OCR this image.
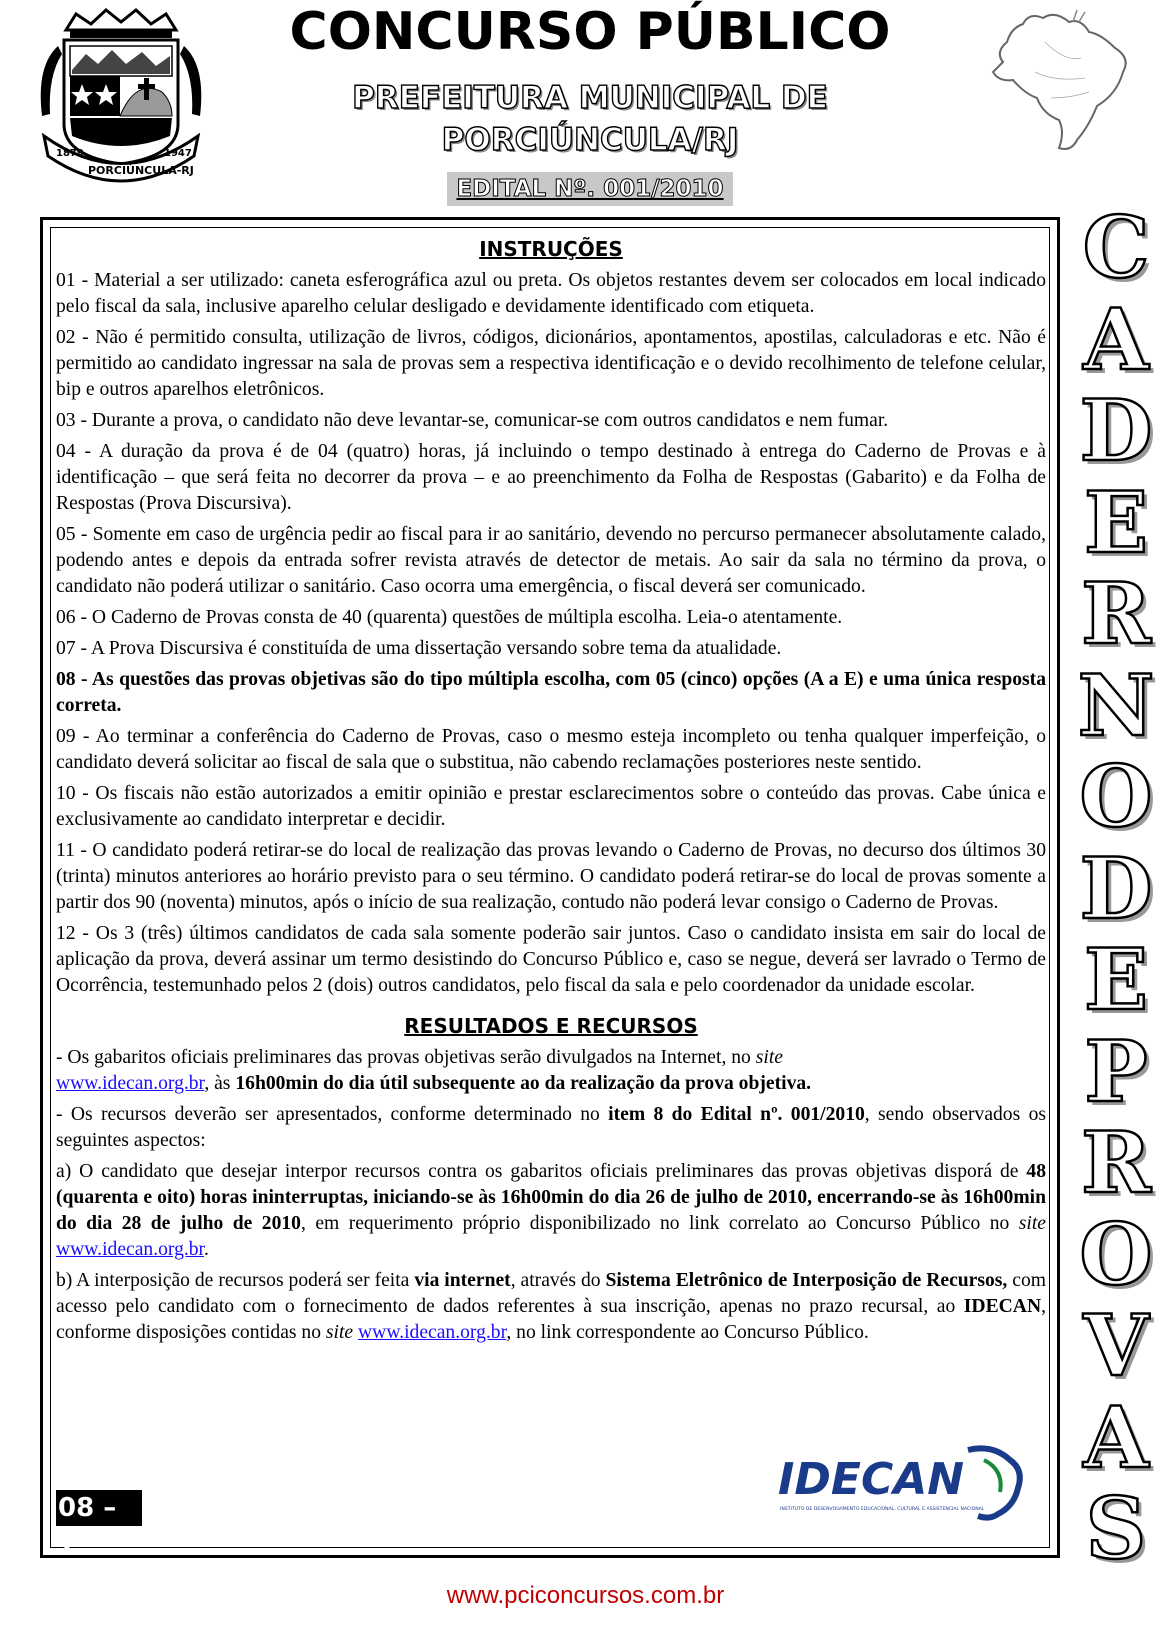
1879
PORCIÚNCULA-RJ
1947
CONCURSO PÚBLICO
PREFEITURA MUNICIPAL DE
PORCIÚNCULA/RJ
EDITAL Nº. 001/2010
INSTRUÇÕES

01 - Material a ser utilizado: caneta esferográfica azul ou preta. Os objetos restantes devem ser colocados em local indicado pelo fiscal da sala, inclusive aparelho celular desligado e devidamente identificado com etiqueta.

02 - Não é permitido consulta, utilização de livros, códigos, dicionários, apontamentos, apostilas, calculadoras e etc. Não é permitido ao candidato ingressar na sala de provas sem a respectiva identificação e o devido recolhimento de telefone celular, bip e outros aparelhos eletrônicos.

03 - Durante a prova, o candidato não deve levantar-se, comunicar-se com outros candidatos e nem fumar.

04 - A duração da prova é de 04 (quatro) horas, já incluindo o tempo destinado à entrega do Caderno de Provas e à identificação – que será feita no decorrer da prova – e ao preenchimento da Folha de Respostas (Gabarito) e da Folha de Respostas (Prova Discursiva).

05 - Somente em caso de urgência pedir ao fiscal para ir ao sanitário, devendo no percurso permanecer absolutamente calado, podendo antes e depois da entrada sofrer revista através de detector de metais. Ao sair da sala no término da prova, o candidato não poderá utilizar o sanitário. Caso ocorra uma emergência, o fiscal deverá ser comunicado.

06 - O Caderno de Provas consta de 40 (quarenta) questões de múltipla escolha. Leia-o atentamente.

07 - A Prova Discursiva é constituída de uma dissertação versando sobre tema da atualidade.

08 - As questões das provas objetivas são do tipo múltipla escolha, com 05 (cinco) opções (A a E) e uma única resposta correta.

09 - Ao terminar a conferência do Caderno de Provas, caso o mesmo esteja incompleto ou tenha qualquer imperfeição, o candidato deverá solicitar ao fiscal de sala que o substitua, não cabendo reclamações posteriores neste sentido.

10 - Os fiscais não estão autorizados a emitir opinião e prestar esclarecimentos sobre o conteúdo das provas. Cabe única e exclusivamente ao candidato interpretar e decidir.

11 - O candidato poderá retirar-se do local de realização das provas levando o Caderno de Provas, no decurso dos últimos 30 (trinta) minutos anteriores ao horário previsto para o seu término. O candidato poderá retirar-se do local de provas somente a partir dos 90 (noventa) minutos, após o início de sua realização, contudo não poderá levar consigo o Caderno de Provas.

12 - Os 3 (três) últimos candidatos de cada sala somente poderão sair juntos. Caso o candidato insista em sair do local de aplicação da prova, deverá assinar um termo desistindo do Concurso Público e, caso se negue, deverá ser lavrado o Termo de Ocorrência, testemunhado pelos 2 (dois) outros candidatos, pelo fiscal da sala e pelo coordenador da unidade escolar.

RESULTADOS E RECURSOS

- Os gabaritos oficiais preliminares das provas objetivas serão divulgados na Internet, no site
www.idecan.org.br, às 16h00min do dia útil subsequente ao da realização da prova objetiva.

- Os recursos deverão ser apresentados, conforme determinado no item 8 do Edital nº. 001/2010, sendo observados os seguintes aspectos:

a) O candidato que desejar interpor recursos contra os gabaritos oficiais preliminares das provas objetivas disporá de 48 (quarenta e oito) horas ininterruptas, iniciando-se às 16h00min do dia 26 de julho de 2010, encerrando-se às 16h00min do dia 28 de julho de 2010, em requerimento próprio disponibilizado no link correlato ao Concurso Público no site www.idecan.org.br.

b) A interposição de recursos poderá ser feita via internet, através do Sistema Eletrônico de Interposição de Recursos, com acesso pelo candidato com o fornecimento de dados referentes à sua inscrição, apenas no prazo recursal, ao IDECAN, conforme disposições contidas no site www.idecan.org.br, no link correspondente ao Concurso Público.

08 – T
IDECAN
INSTITUTO DE DESENVOLVIMENTO EDUCACIONAL, CULTURAL E ASSISTENCIAL NACIONAL
C
A
D
E
R
N
O
D
E
P
R
O
V
A
S
www.pciconcursos.com.br
